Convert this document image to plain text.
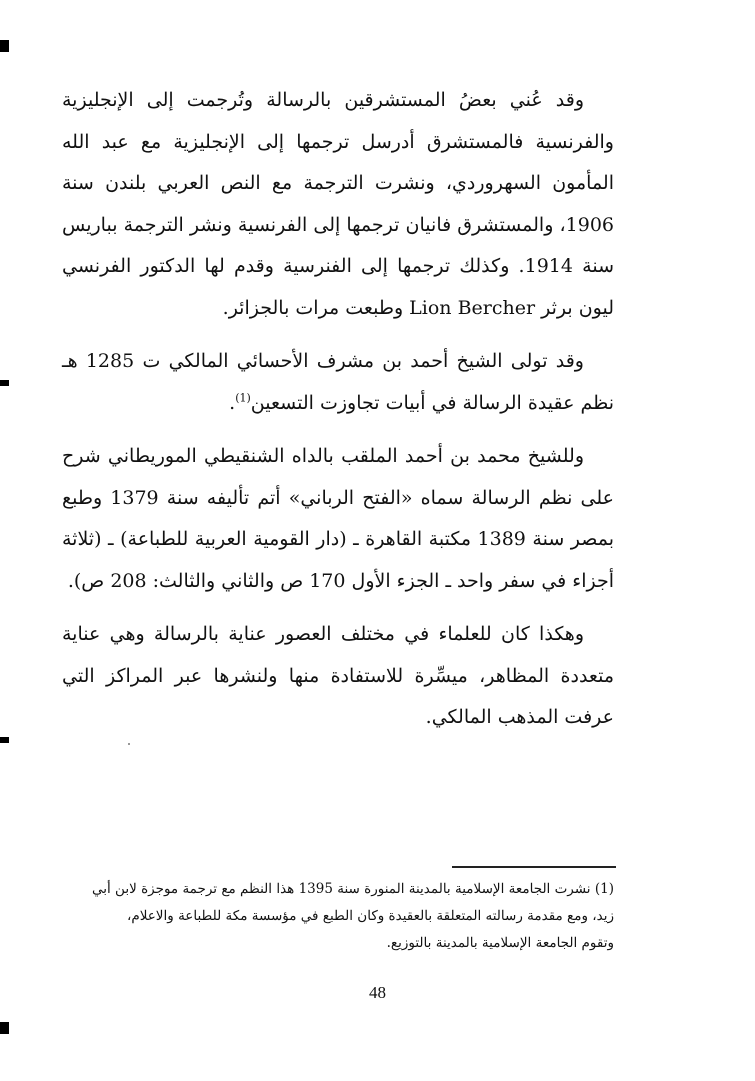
وقد عُني بعضُ المستشرقين بالرسالة وتُرجمت إلى الإنجليزية والفرنسية فالمستشرق أدرسل ترجمها إلى الإنجليزية مع عبد الله المأمون السهروردي، ونشرت الترجمة مع النص العربي بلندن سنة 1906، والمستشرق فانيان ترجمها إلى الفرنسية ونشر الترجمة بباريس سنة 1914. وكذلك ترجمها إلى الفنرسية وقدم لها الدكتور الفرنسي ليون برثر Lion Bercher وطبعت مرات بالجزائر.

وقد تولى الشيخ أحمد بن مشرف الأحسائي المالكي ت 1285 هـ نظم عقيدة الرسالة في أبيات تجاوزت التسعين$^{(1)}$.

وللشيخ محمد بن أحمد الملقب بالداه الشنقيطي الموريطاني شرح على نظم الرسالة سماه «الفتح الرباني» أتم تأليفه سنة 1379 وطبع بمصر سنة 1389 مكتبة القاهرة ـ (دار القومية العربية للطباعة) ـ (ثلاثة أجزاء في سفر واحد ـ الجزء الأول 170 ص والثاني والثالث: 208 ص).

وهكذا كان للعلماء في مختلف العصور عناية بالرسالة وهي عناية متعددة المظاهر، ميسِّرة للاستفادة منها ولنشرها عبر المراكز التي عرفت المذهب المالكي.

(1) نشرت الجامعة الإسلامية بالمدينة المنورة سنة 1395 هذا النظم مع ترجمة موجزة لابن أبي

زيد، ومع مقدمة رسالته المتعلقة بالعقيدة وكان الطبع في مؤسسة مكة للطباعة والاعلام،

وتقوم الجامعة الإسلامية بالمدينة بالتوزيع.

48
